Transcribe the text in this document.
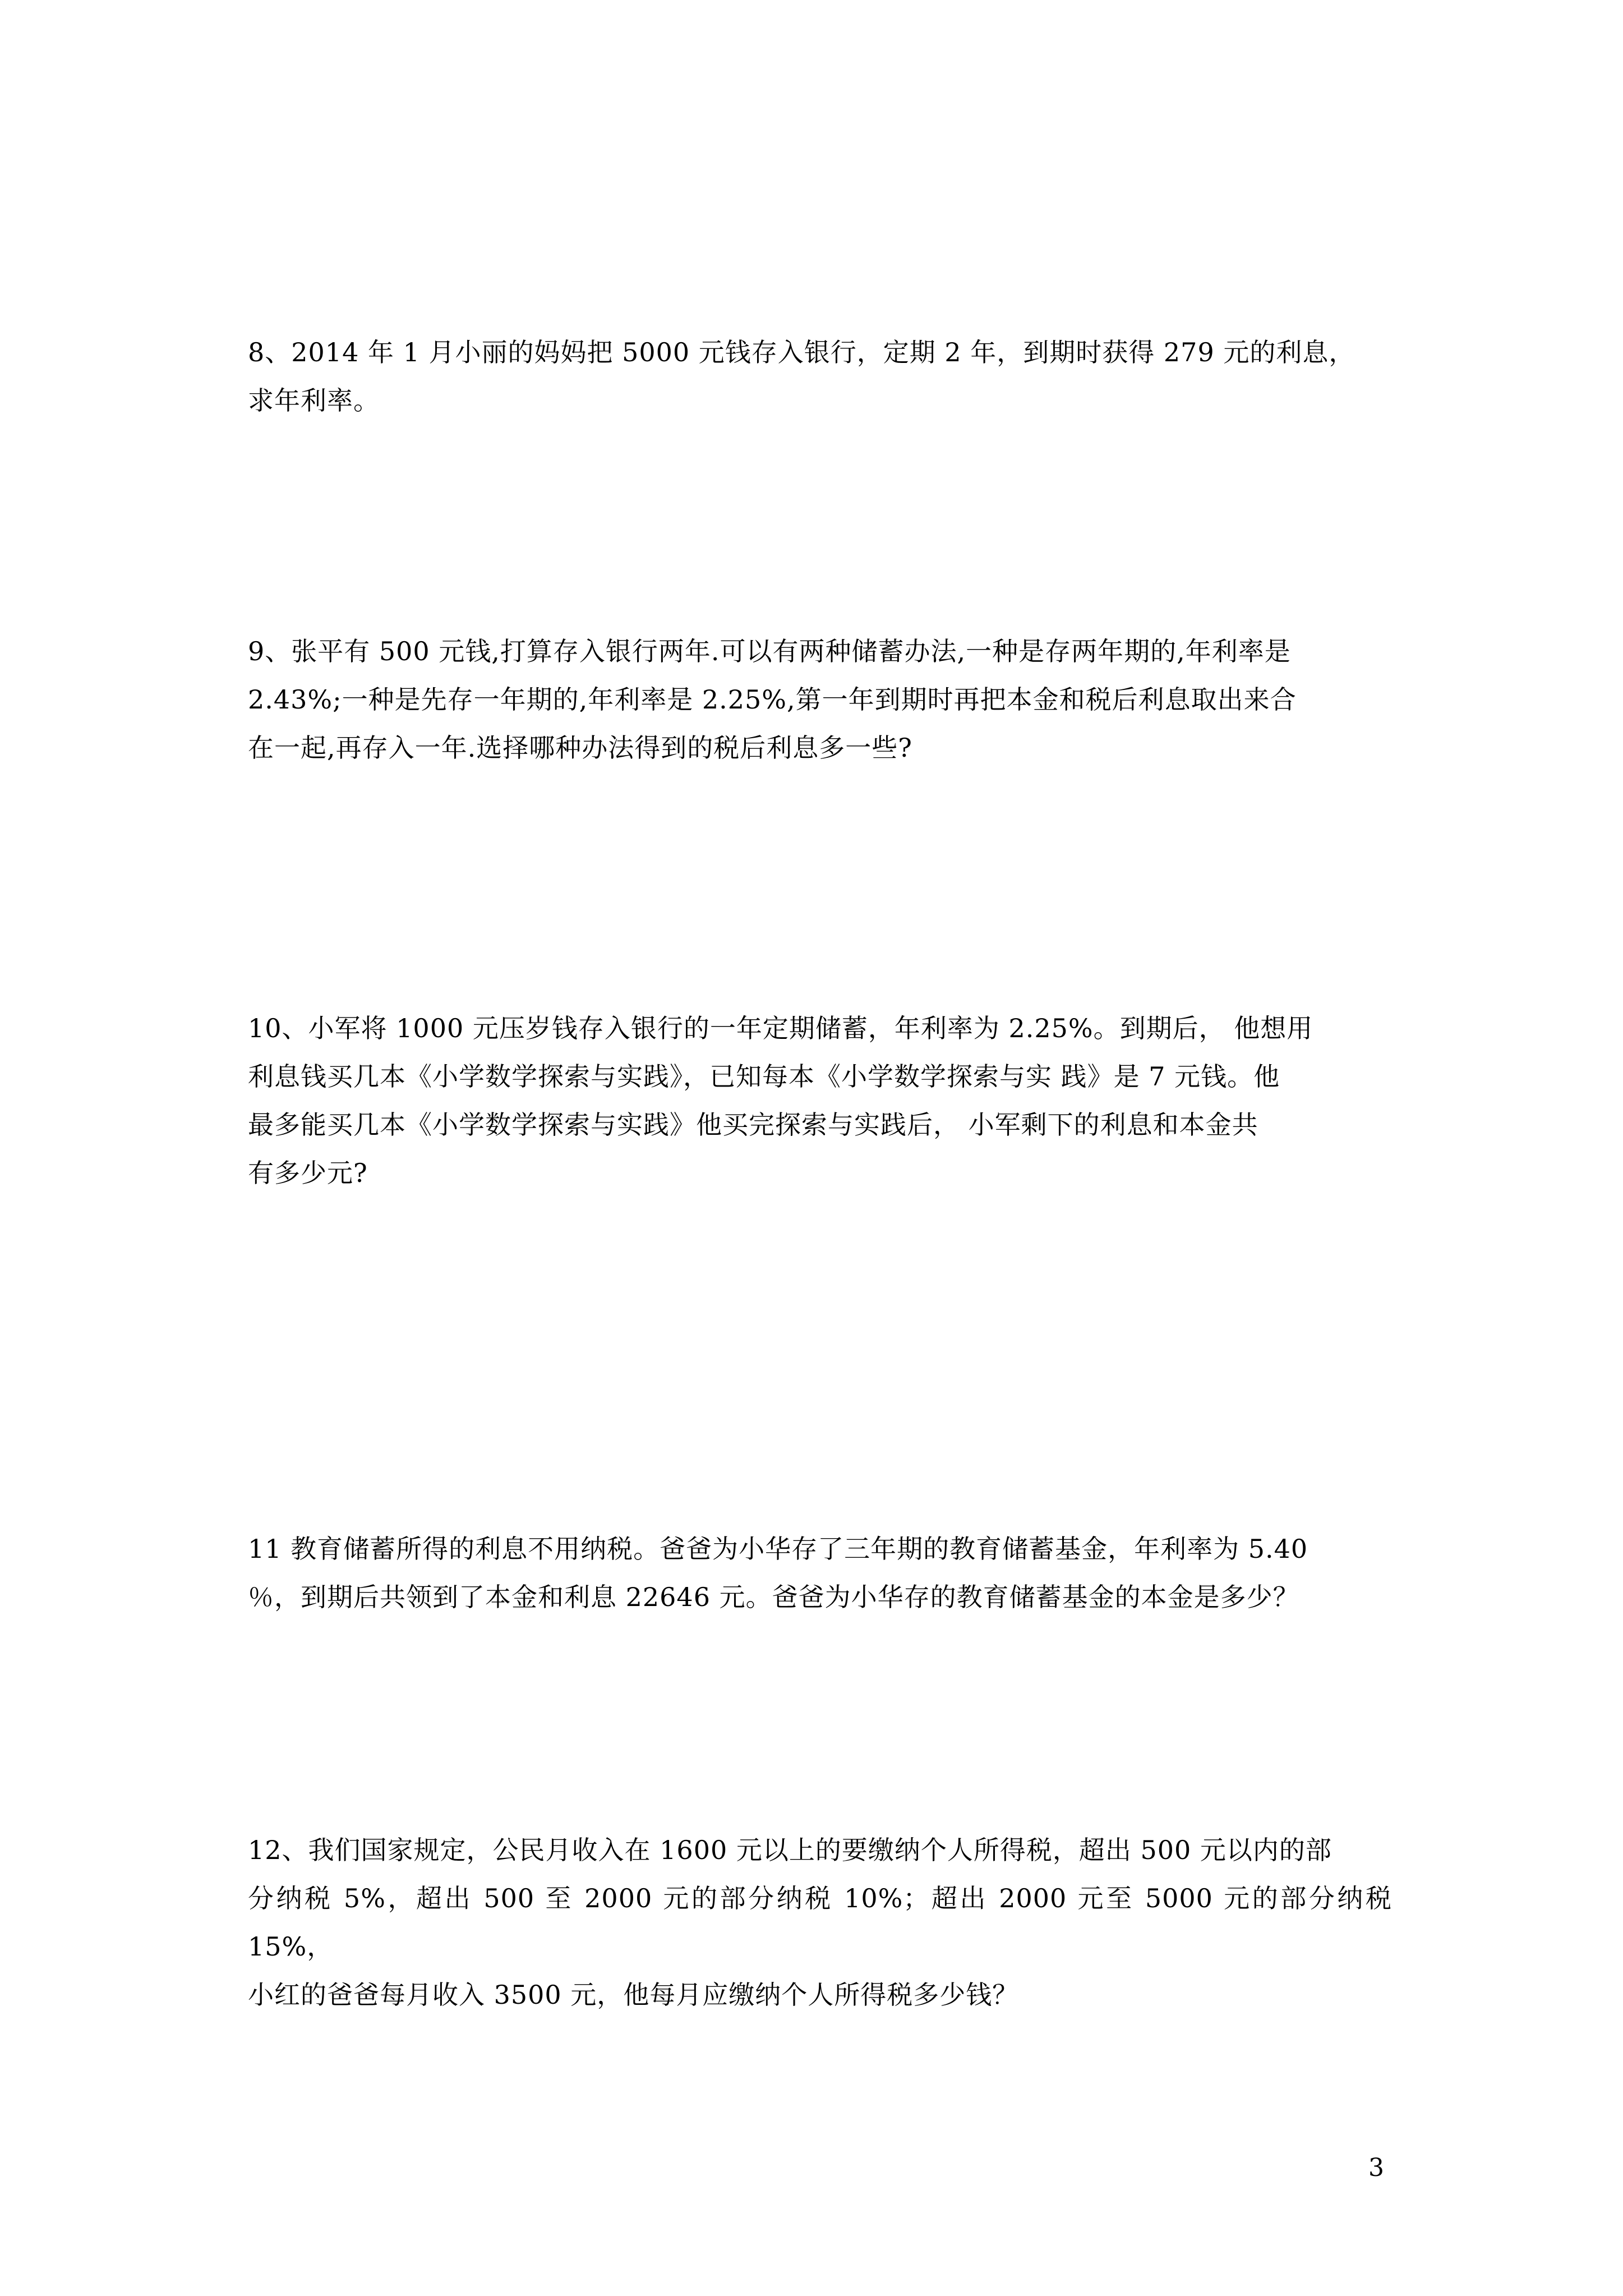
8、2014 年 1 月小丽的妈妈把 5000 元钱存入银行，定期 2 年，到期时获得 279 元的利息，
求年利率。

9、张平有 500 元钱,打算存入银行两年.可以有两种储蓄办法,一种是存两年期的,年利率是
2.43%;一种是先存一年期的,年利率是 2.25%,第一年到期时再把本金和税后利息取出来合
在一起,再存入一年.选择哪种办法得到的税后利息多一些?

10、小军将 1000 元压岁钱存入银行的一年定期储蓄，年利率为 2.25%。到期后， 他想用
利息钱买几本《小学数学探索与实践》，已知每本《小学数学探索与实 践》是 7 元钱。他
最多能买几本《小学数学探索与实践》他买完探索与实践后， 小军剩下的利息和本金共
有多少元?

11 教育储蓄所得的利息不用纳税。爸爸为小华存了三年期的教育储蓄基金，年利率为 5.40
％，到期后共领到了本金和利息 22646 元。爸爸为小华存的教育储蓄基金的本金是多少？

12、我们国家规定，公民月收入在 1600 元以上的要缴纳个人所得税，超出 500 元以内的部
分纳税 5%，超出 500 至 2000 元的部分纳税 10%；超出 2000 元至 5000 元的部分纳税 15%，
小红的爸爸每月收入 3500 元，他每月应缴纳个人所得税多少钱？

3
